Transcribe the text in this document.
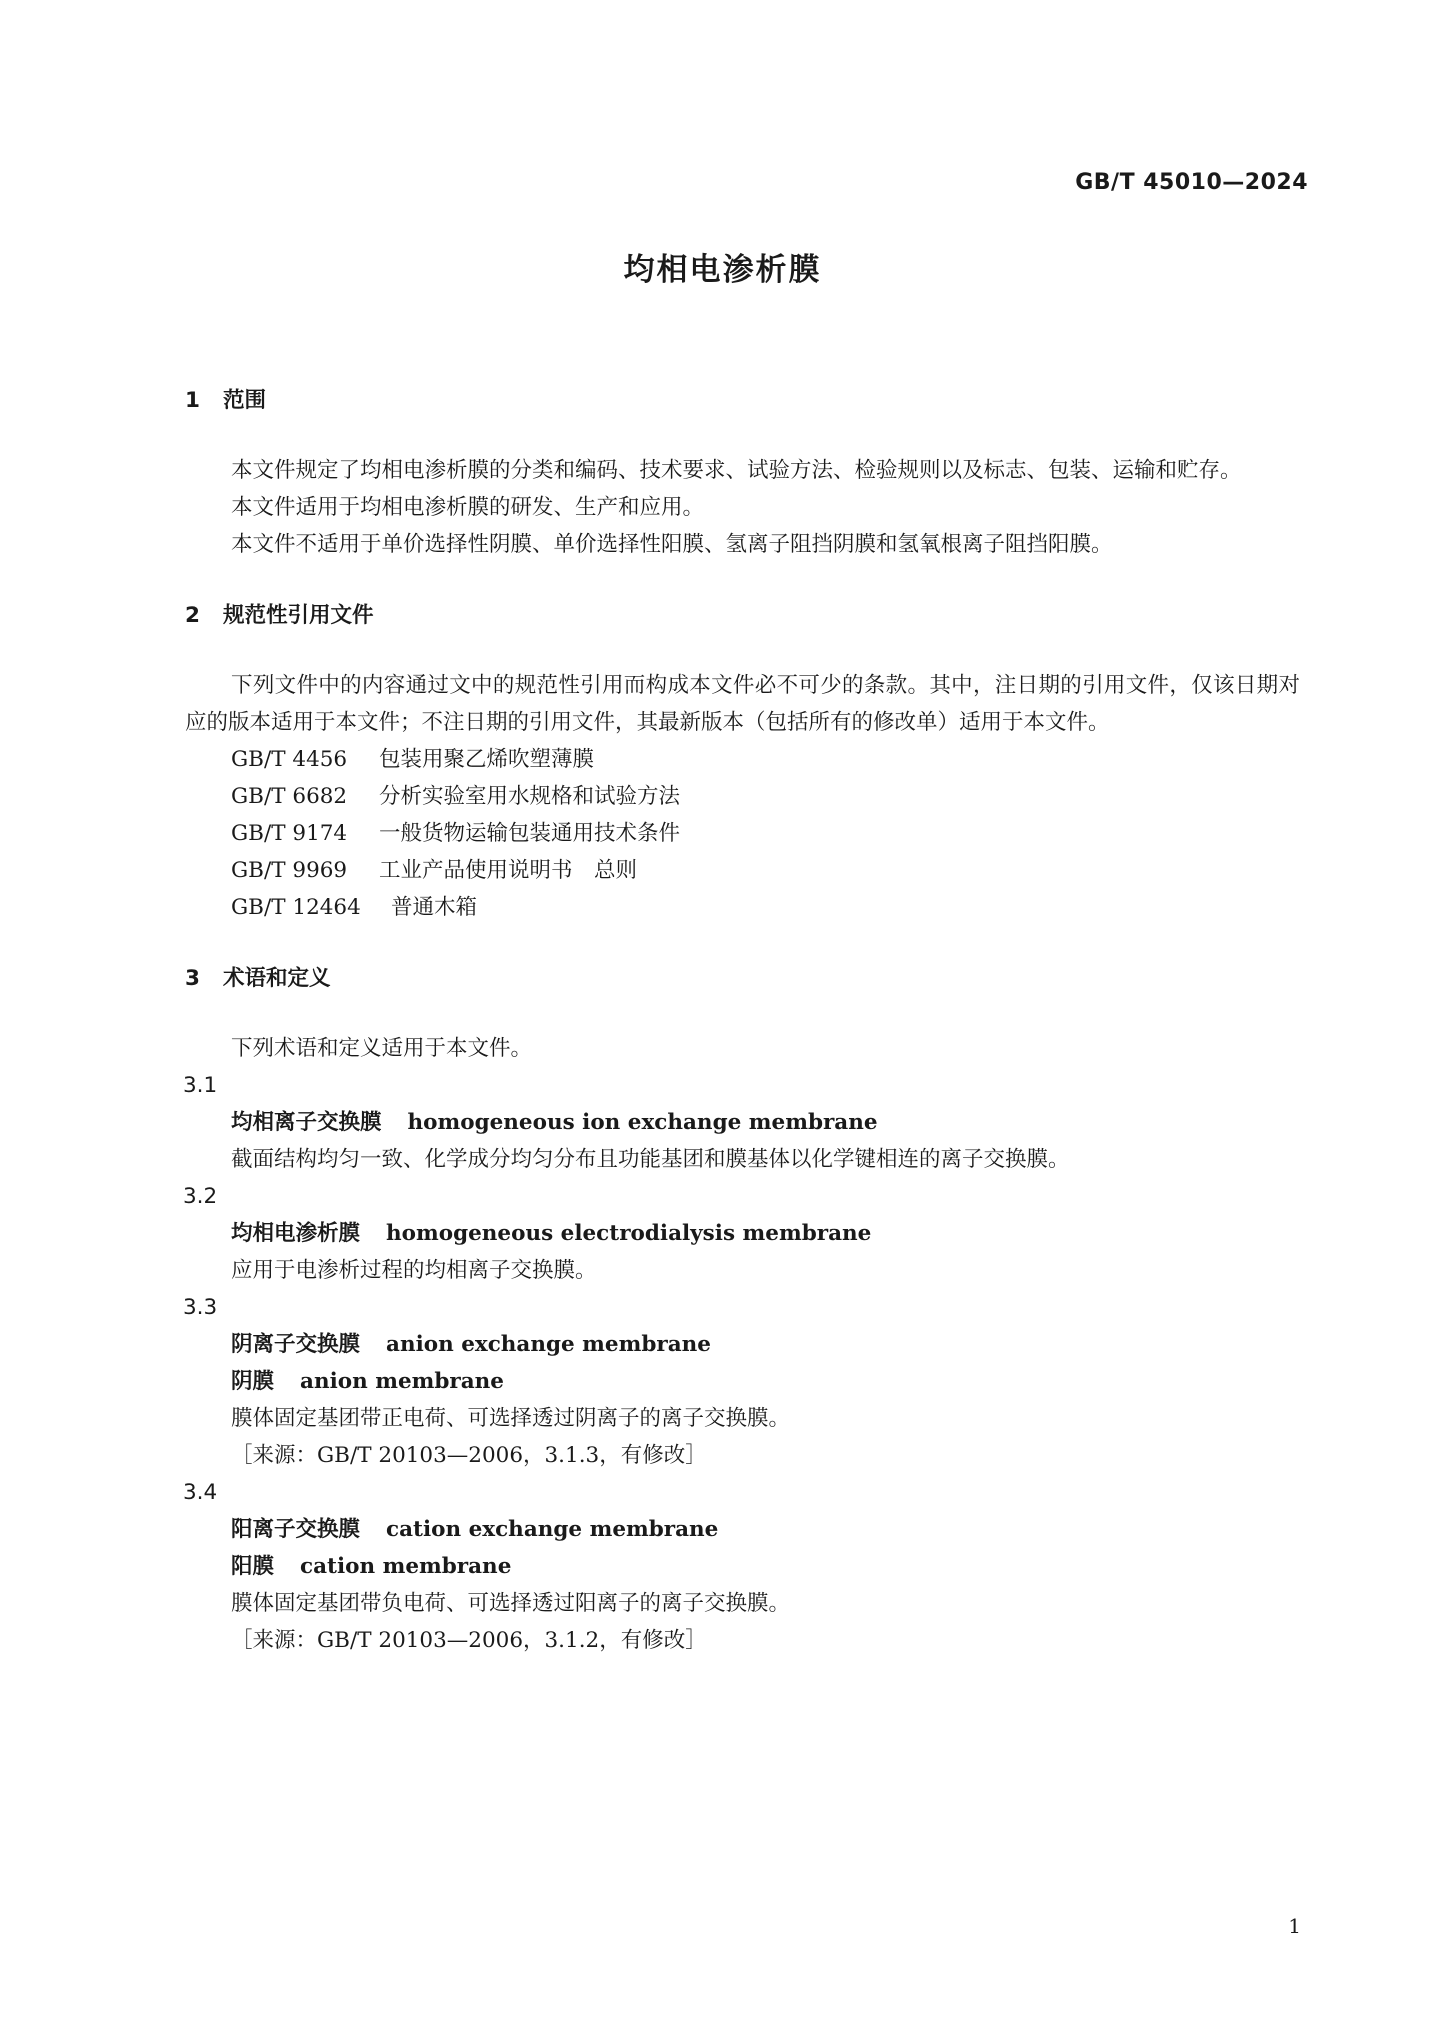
GB/T 45010—2024
均相电渗析膜
1 范围
本文件规定了均相电渗析膜的分类和编码、技术要求、试验方法、检验规则以及标志、包装、运输和贮存。
本文件适用于均相电渗析膜的研发、生产和应用。
本文件不适用于单价选择性阴膜、单价选择性阳膜、氢离子阻挡阴膜和氢氧根离子阻挡阳膜。
2 规范性引用文件
下列文件中的内容通过文中的规范性引用而构成本文件必不可少的条款。其中，注日期的引用文件，仅该日期对应的版本适用于本文件；不注日期的引用文件，其最新版本（包括所有的修改单）适用于本文件。
GB/T 4456 包装用聚乙烯吹塑薄膜
GB/T 6682 分析实验室用水规格和试验方法
GB/T 9174 一般货物运输包装通用技术条件
GB/T 9969 工业产品使用说明书　总则
GB/T 12464 普通木箱
3 术语和定义
下列术语和定义适用于本文件。
3.1
均相离子交换膜 homogeneous ion exchange membrane
截面结构均匀一致、化学成分均匀分布且功能基团和膜基体以化学键相连的离子交换膜。
3.2
均相电渗析膜 homogeneous electrodialysis membrane
应用于电渗析过程的均相离子交换膜。
3.3
阴离子交换膜 anion exchange membrane
阴膜 anion membrane
膜体固定基团带正电荷、可选择透过阴离子的离子交换膜。
［来源：GB/T 20103—2006，3.1.3，有修改］
3.4
阳离子交换膜 cation exchange membrane
阳膜 cation membrane
膜体固定基团带负电荷、可选择透过阳离子的离子交换膜。
［来源：GB/T 20103—2006，3.1.2，有修改］
1
